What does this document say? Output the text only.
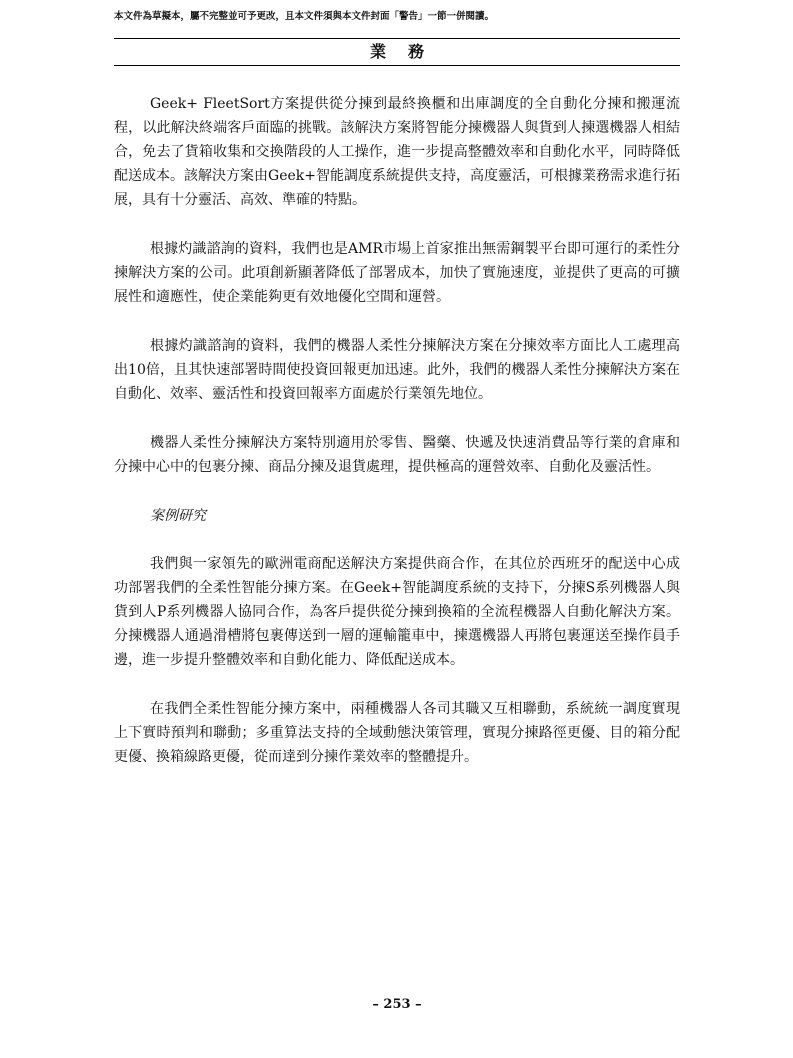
本文件為草擬本，屬不完整並可予更改，且本文件須與本文件封面「警告」一節一併閱讀。
業務

Geek+ FleetSort方案提供從分揀到最終換櫃和出庫調度的全自動化分揀和搬運流程，以此解決終端客戶面臨的挑戰。該解決方案將智能分揀機器人與貨到人揀選機器人相結合，免去了貨箱收集和交換階段的人工操作，進一步提高整體效率和自動化水平，同時降低配送成本。該解決方案由Geek+智能調度系統提供支持，高度靈活，可根據業務需求進行拓展，具有十分靈活、高效、準確的特點。

根據灼識諮詢的資料，我們也是AMR市場上首家推出無需鋼製平台即可運行的柔性分揀解決方案的公司。此項創新顯著降低了部署成本，加快了實施速度，並提供了更高的可擴展性和適應性，使企業能夠更有效地優化空間和運營。

根據灼識諮詢的資料，我們的機器人柔性分揀解決方案在分揀效率方面比人工處理高出10倍，且其快速部署時間使投資回報更加迅速。此外，我們的機器人柔性分揀解決方案在自動化、效率、靈活性和投資回報率方面處於行業領先地位。

機器人柔性分揀解決方案特別適用於零售、醫藥、快遞及快速消費品等行業的倉庫和分揀中心中的包裹分揀、商品分揀及退貨處理，提供極高的運營效率、自動化及靈活性。

案例研究

我們與一家領先的歐洲電商配送解決方案提供商合作，在其位於西班牙的配送中心成功部署我們的全柔性智能分揀方案。在Geek+智能調度系統的支持下，分揀S系列機器人與貨到人P系列機器人協同合作，為客戶提供從分揀到換箱的全流程機器人自動化解決方案。分揀機器人通過滑槽將包裹傳送到一層的運輸籠車中，揀選機器人再將包裹運送至操作員手邊，進一步提升整體效率和自動化能力、降低配送成本。

在我們全柔性智能分揀方案中，兩種機器人各司其職又互相聯動，系統統一調度實現上下實時預判和聯動；多重算法支持的全域動態決策管理，實現分揀路徑更優、目的箱分配更優、換箱線路更優，從而達到分揀作業效率的整體提升。

– 253 –
